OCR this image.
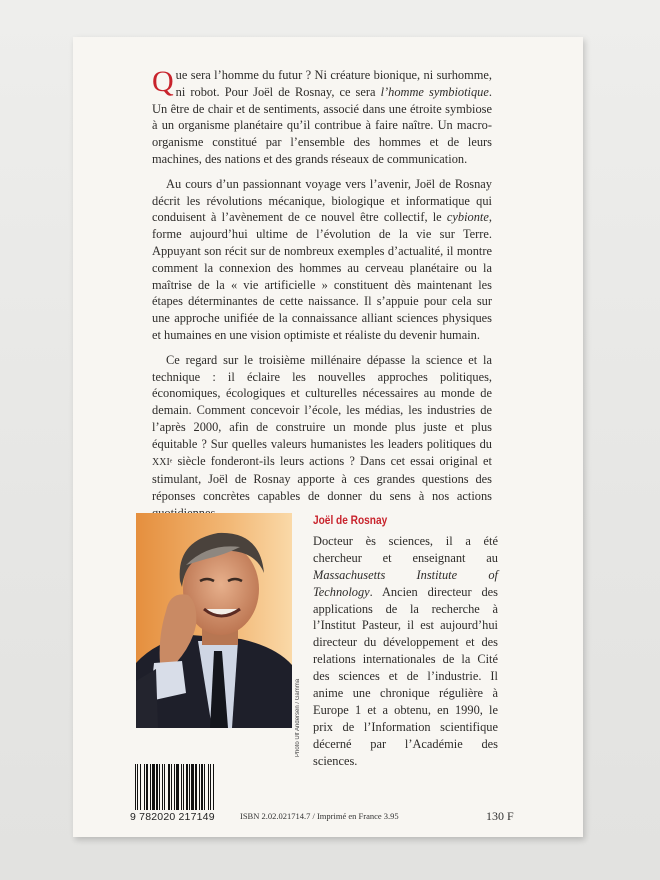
Que sera l’homme du futur ? Ni créature bionique, ni surhomme, ni robot. Pour Joël de Rosnay, ce sera l’homme symbiotique. Un être de chair et de sentiments, associé dans une étroite symbiose à un organisme planétaire qu’il contribue à faire naître. Un macro-organisme constitué par l’ensemble des hommes et de leurs machines, des nations et des grands réseaux de communication.

Au cours d’un passionnant voyage vers l’avenir, Joël de Rosnay décrit les révolutions mécanique, biologique et informatique qui conduisent à l’avènement de ce nouvel être collectif, le cybionte, forme aujourd’hui ultime de l’évolution de la vie sur Terre. Appuyant son récit sur de nombreux exemples d’actualité, il montre comment la connexion des hommes au cerveau planétaire ou la maîtrise de la « vie artificielle » constituent dès maintenant les étapes déterminantes de cette naissance. Il s’appuie pour cela sur une approche unifiée de la connaissance alliant sciences physiques et humaines en une vision optimiste et réaliste du devenir humain.

Ce regard sur le troisième millénaire dépasse la science et la technique : il éclaire les nouvelles approches politiques, économiques, écologiques et culturelles nécessaires au monde de demain. Comment concevoir l’école, les médias, les industries de l’après 2000, afin de construire un monde plus juste et plus équitable ? Sur quelles valeurs humanistes les leaders politiques du XXIᵉ siècle fonderont-ils leurs actions ? Dans cet essai original et stimulant, Joël de Rosnay apporte à ces grandes questions des réponses concrètes capables de donner du sens à nos actions

Photo Ulf Andersen / Gamma
Joël de Rosnay
Docteur ès sciences, il a été chercheur et enseignant au Massachusetts Institute of Technology. Ancien directeur des applications de la recherche à l’Institut Pasteur, il est aujourd’hui directeur du développement et des relations internationales de la Cité des sciences et de l’industrie. Il anime une chronique régulière à Europe 1 et a obtenu, en 1990, le prix de l’Information scientifique décerné par l’Académie des sciences.
9 782020 217149	ISBN 2.02.021714.7 / Imprimé en France 3.95	130 F
